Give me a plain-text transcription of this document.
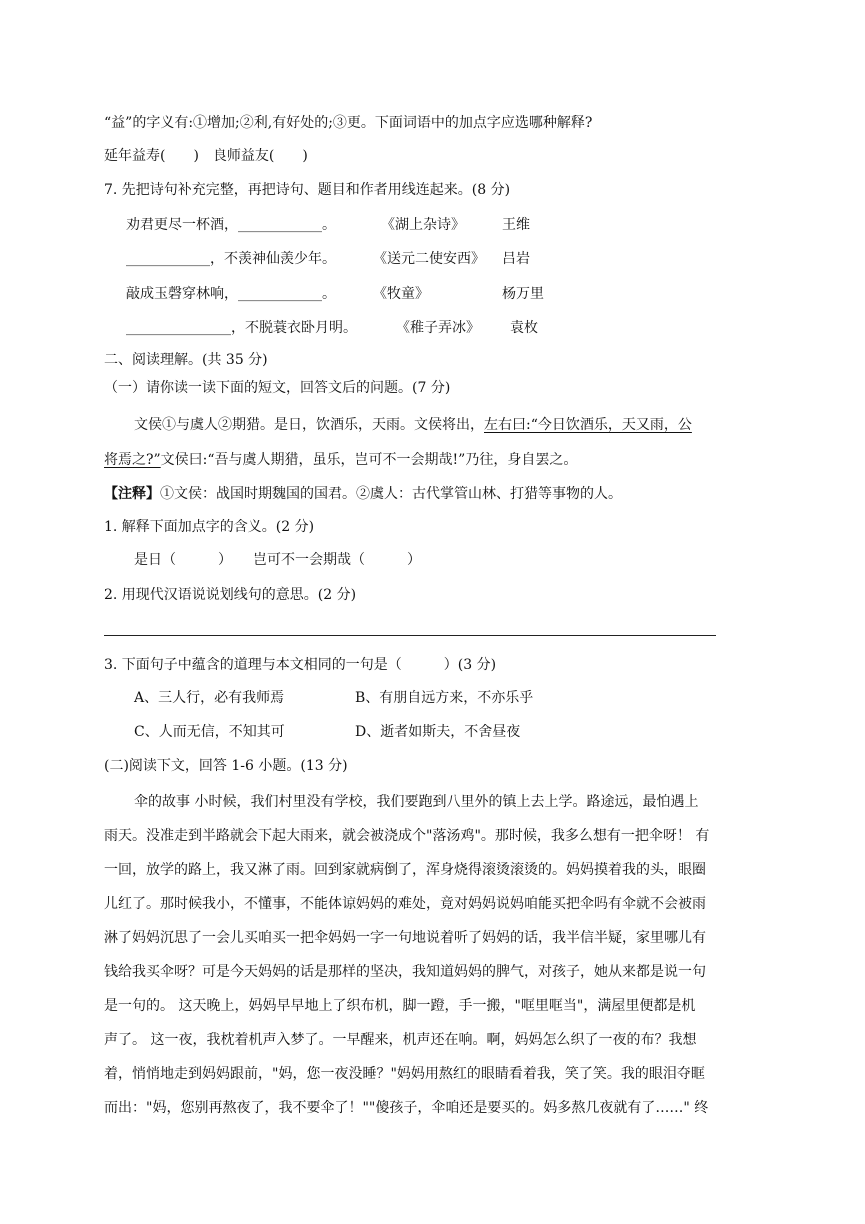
“益”的字义有:①增加;②利,有好处的;③更。下面词语中的加点字应选哪种解释?
延年益寿(　　)　良师益友(　　)
7. 先把诗句补充完整，再把诗句、题目和作者用线连起来。(8 分)
劝君更尽一杯酒，____________。	《湖上杂诗》	王维
____________，不羡神仙羡少年。	《送元二使安西》 吕岩
敲成玉磬穿林响，____________。	《牧童》	杨万里
_______________，不脱蓑衣卧月明。	《稚子弄冰》 袁枚
二、阅读理解。(共 35 分)
（一）请你读一读下面的短文，回答文后的问题。(7 分)
文侯①与虞人②期猎。是日，饮酒乐，天雨。文侯将出，左右曰:“今日饮酒乐，天又雨，公
将焉之?”文侯曰:“吾与虞人期猎，虽乐，岂可不一会期哉!”乃往，身自罢之。
【注释】①文侯：战国时期魏国的国君。②虞人：古代掌管山林、打猎等事物的人。
1. 解释下面加点字的含义。(2 分)
是日（　　　）　　岂可不一会期哉（　　　）
2. 用现代汉语说说划线句的意思。(2 分)
3. 下面句子中蕴含的道理与本文相同的一句是（　　　）(3 分)
A、三人行，必有我师焉	B、有朋自远方来，不亦乐乎
C、人而无信，不知其可	D、逝者如斯夫，不舍昼夜
(二)阅读下文，回答 1-6 小题。(13 分)
伞的故事 小时候，我们村里没有学校，我们要跑到八里外的镇上去上学。路途远，最怕遇上
雨天。没准走到半路就会下起大雨来，就会被浇成个"落汤鸡"。那时候，我多么想有一把伞呀！ 有
一回，放学的路上，我又淋了雨。回到家就病倒了，浑身烧得滚烫滚烫的。妈妈摸着我的头，眼圈
儿红了。那时候我小，不懂事，不能体谅妈妈的难处，竟对妈妈说妈咱能买把伞吗有伞就不会被雨
淋了妈妈沉思了一会儿买咱买一把伞妈妈一字一句地说着听了妈妈的话，我半信半疑，家里哪儿有
钱给我买伞呀？可是今天妈妈的话是那样的坚决，我知道妈妈的脾气，对孩子，她从来都是说一句
是一句的。 这天晚上，妈妈早早地上了织布机，脚一蹬，手一搬，"哐里哐当"，满屋里便都是机
声了。 这一夜，我枕着机声入梦了。一早醒来，机声还在响。啊，妈妈怎么织了一夜的布？我想
着，悄悄地走到妈妈跟前，"妈，您一夜没睡？"妈妈用熬红的眼睛看着我，笑了笑。我的眼泪夺眶
而出："妈，您别再熬夜了，我不要伞了！""傻孩子，伞咱还是要买的。妈多熬几夜就有了……" 终
